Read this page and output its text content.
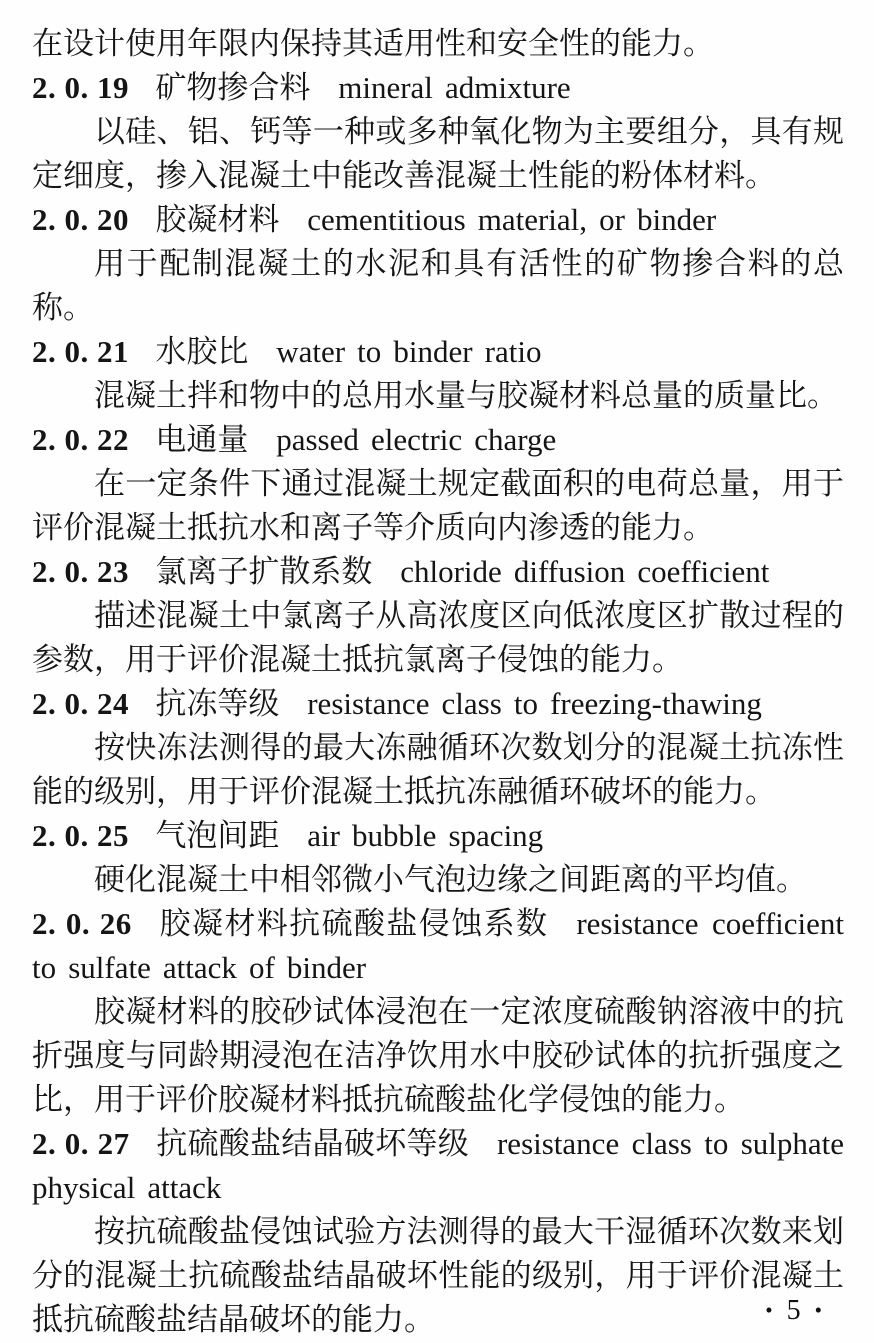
在设计使用年限内保持其适用性和安全性的能力。

2. 0. 19 矿物掺合料 mineral admixture

以硅、铝、钙等一种或多种氧化物为主要组分，具有规定细度，掺入混凝土中能改善混凝土性能的粉体材料。

2. 0. 20 胶凝材料 cementitious material, or binder

用于配制混凝土的水泥和具有活性的矿物掺合料的总称。

2. 0. 21 水胶比 water to binder ratio

混凝土拌和物中的总用水量与胶凝材料总量的质量比。

2. 0. 22 电通量 passed electric charge

在一定条件下通过混凝土规定截面积的电荷总量，用于评价混凝土抵抗水和离子等介质向内渗透的能力。

2. 0. 23 氯离子扩散系数 chloride diffusion coefficient

描述混凝土中氯离子从高浓度区向低浓度区扩散过程的参数，用于评价混凝土抵抗氯离子侵蚀的能力。

2. 0. 24 抗冻等级 resistance class to freezing-thawing

按快冻法测得的最大冻融循环次数划分的混凝土抗冻性能的级别，用于评价混凝土抵抗冻融循环破坏的能力。

2. 0. 25 气泡间距 air bubble spacing

硬化混凝土中相邻微小气泡边缘之间距离的平均值。

2. 0. 26 胶凝材料抗硫酸盐侵蚀系数 resistance coefficient to sulfate attack of binder

胶凝材料的胶砂试体浸泡在一定浓度硫酸钠溶液中的抗折强度与同龄期浸泡在洁净饮用水中胶砂试体的抗折强度之比，用于评价胶凝材料抵抗硫酸盐化学侵蚀的能力。

2. 0. 27 抗硫酸盐结晶破坏等级 resistance class to sulphate physical attack

按抗硫酸盐侵蚀试验方法测得的最大干湿循环次数来划分的混凝土抗硫酸盐结晶破坏性能的级别，用于评价混凝土抵抗硫酸盐结晶破坏的能力。	• 5 •
